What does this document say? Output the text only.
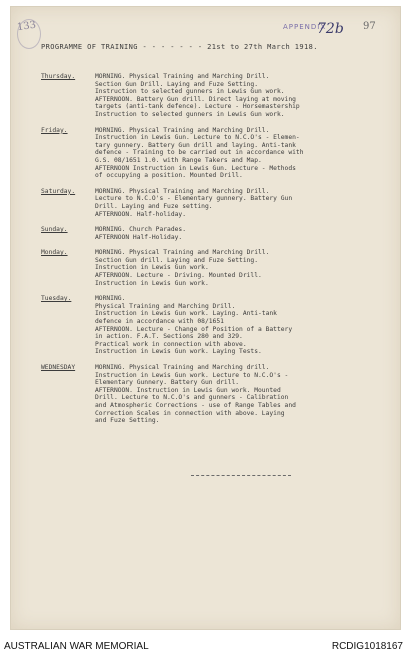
133	APPENDIX
72b 97
PROGRAMME OF TRAINING - - - - - - - 21st to 27th March 1918.
Thursday.	MORNING. Physical Training and Marching Drill.
Section Gun Drill. Laying and Fuze Setting.
Instruction to selected gunners in Lewis Gun work.
AFTERNOON. Battery Gun drill. Direct laying at moving
targets (anti-tank defence). Lecture - Horsemastership
Instruction to selected gunners in Lewis Gun work.
Friday.	MORNING. Physical Training and Marching Drill.
Instruction in Lewis Gun. Lecture to N.C.O's - Elemen-
tary gunnery. Battery Gun drill and laying. Anti-tank
defence - Training to be carried out in accordance with
G.S. 08/1651 1.0. with Range Takers and Map.
AFTERNOON Instruction in Lewis Gun. Lecture - Methods
of occupying a position. Mounted Drill.
Saturday.	MORNING. Physical Training and Marching Drill.
Lecture to N.C.O's - Elementary gunnery. Battery Gun
Drill. Laying and Fuze setting.
AFTERNOON. Half-holiday.
Sunday.	MORNING. Church Parades.
AFTERNOON Half-Holiday.
Monday.	MORNING. Physical Training and Marching Drill.
Section Gun drill. Laying and Fuze Setting.
Instruction in Lewis Gun work.
AFTERNOON. Lecture - Driving. Mounted Drill.
Instruction in Lewis Gun work.
Tuesday.	MORNING.
Physical Training and Marching Drill.
Instruction in Lewis Gun work. Laying. Anti-tank
defence in accordance with 08/1651
AFTERNOON. Lecture - Change of Position of a Battery
in action. F.A.T. Sections 280 and 329.
Practical work in connection with above.
Instruction in Lewis Gun work. Laying Tests.
WEDNESDAY	MORNING. Physical Training and Marching drill.
Instruction in Lewis Gun work. Lecture to N.C.O's -
Elementary Gunnery. Battery Gun drill.
AFTERNOON. Instruction in Lewis Gun work. Mounted
Drill. Lecture to N.C.O's and gunners - Calibration
and Atmospheric Corrections - use of Range Tables and
Correction Scales in connection with above. Laying
and Fuze Setting.
AUSTRALIAN WAR MEMORIAL	RCDIG1018167
